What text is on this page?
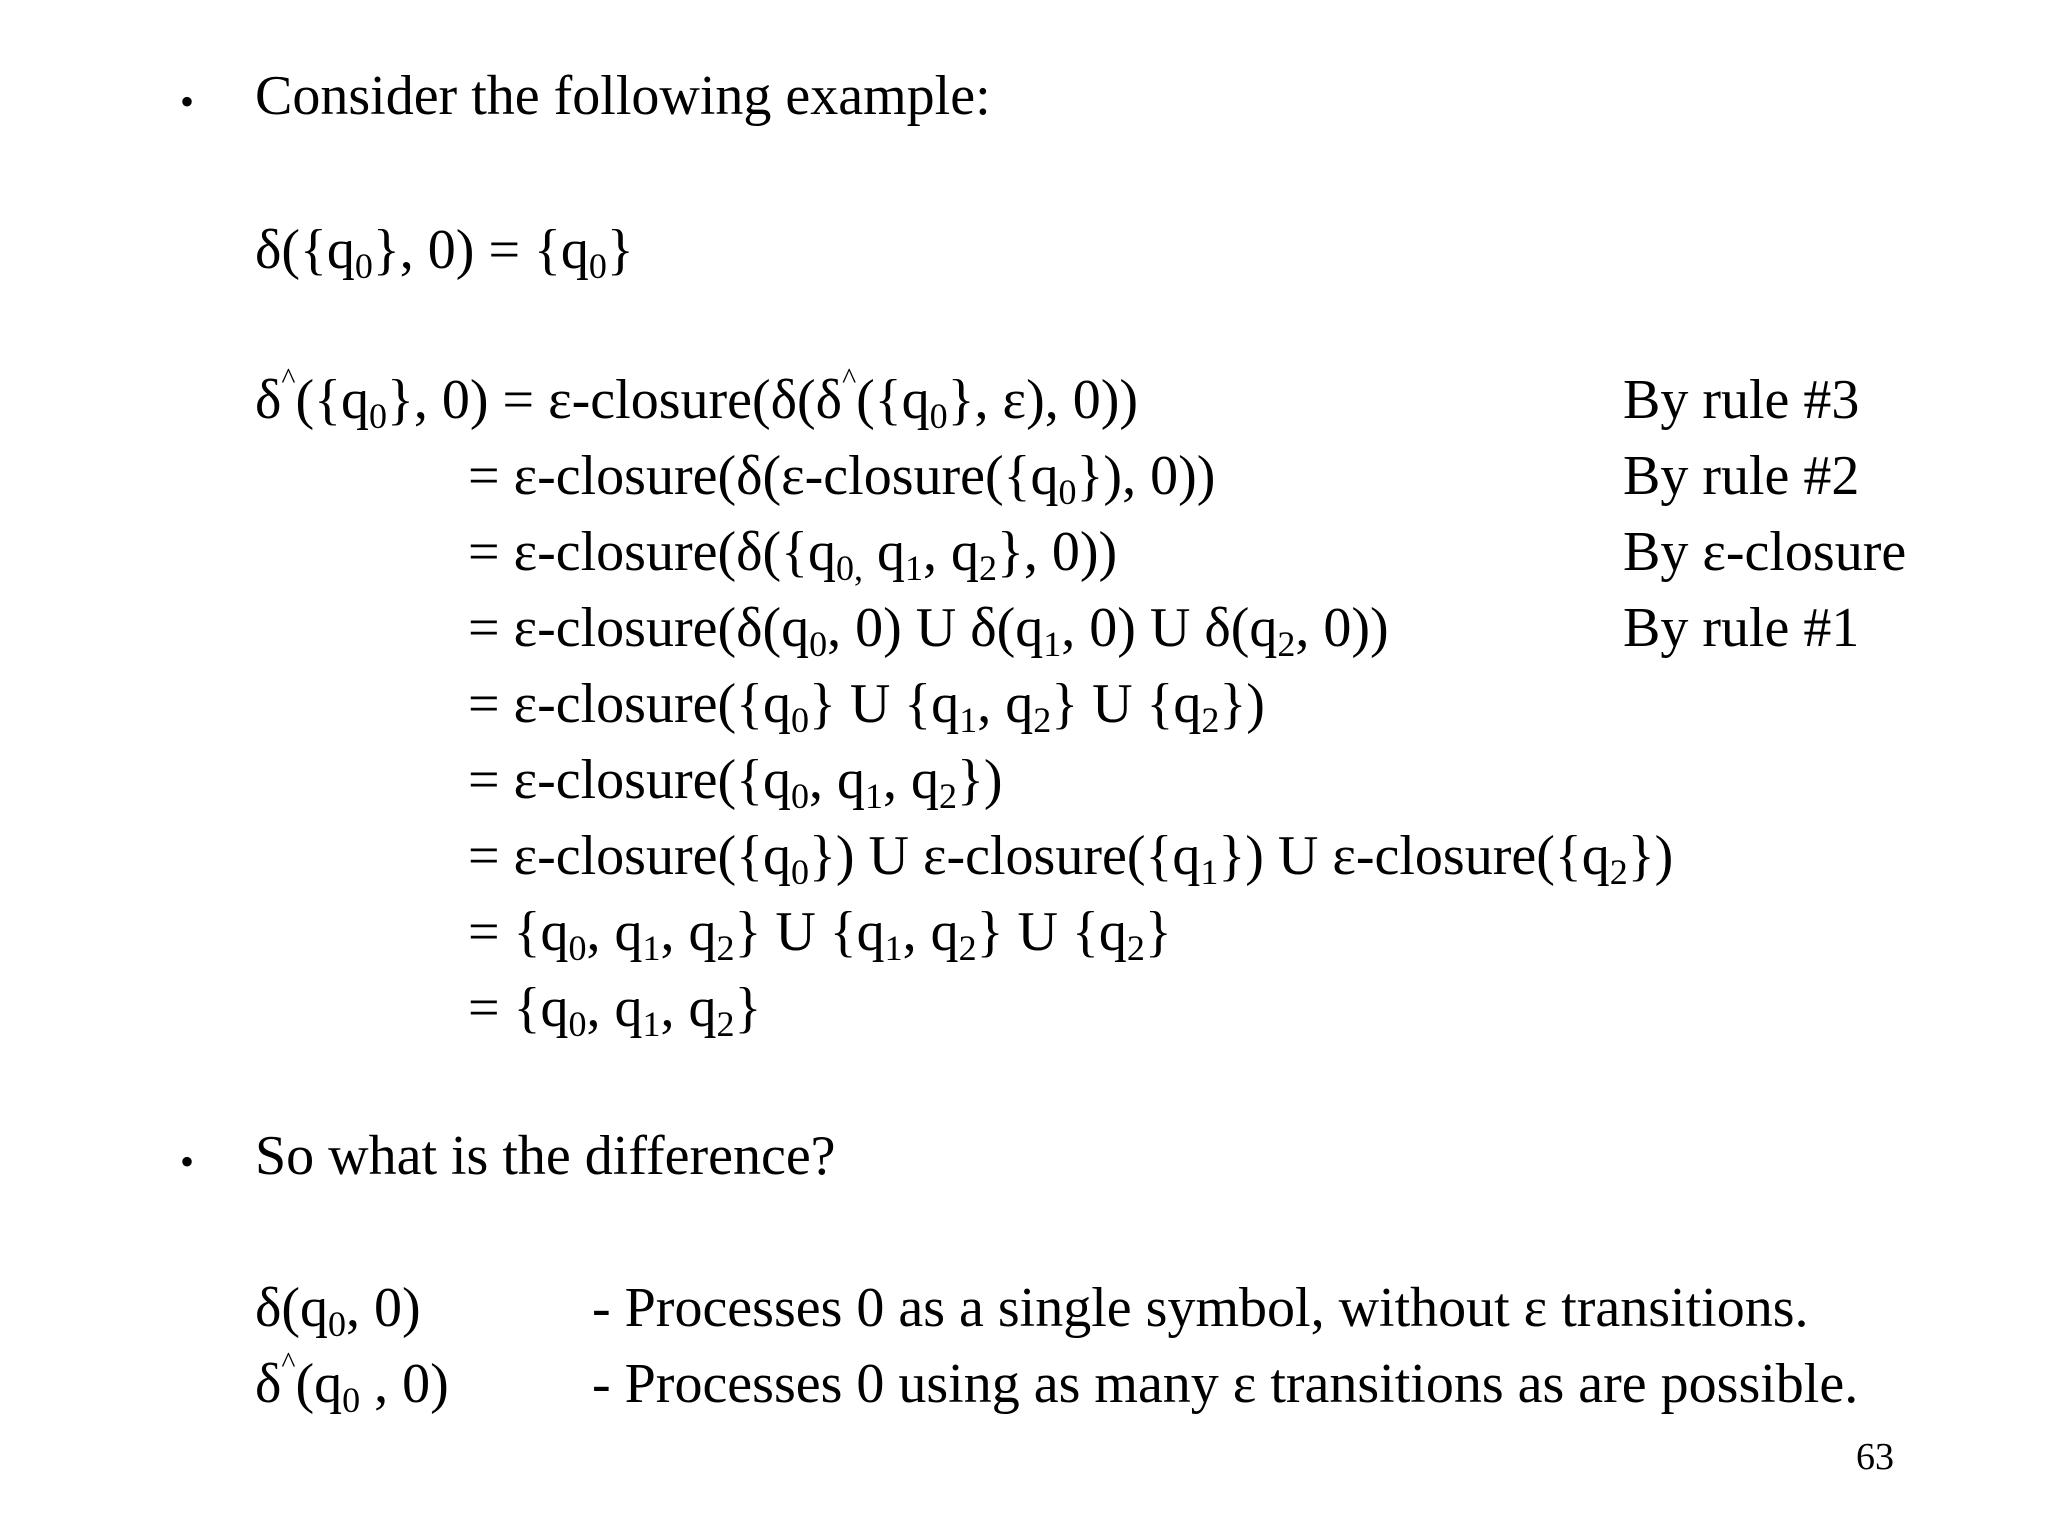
• Consider the following example:
$\delta(\{q_0\}$, $0) = \{q_0\}$
$\delta^{\^{}}(\{q_0\}$, $0) = \varepsilon-closure(\delta(\delta^{\^{}}(\{q_0\}$, ε), 0))	By rule #3
= $\varepsilon-closure(\delta(\varepsilon-closure(\{q_0\})$, 0))	By rule #2
= $\varepsilon-closure(\delta(\{q_{0,}$ $q_1$, $q_2$}, 0))	By ε-closure
= $\varepsilon-closure(\delta(q_0$, 0) U $\delta(q_1$, 0) U $\delta(q_2$, 0))	By rule #1
= $\varepsilon-closure(\{q_0\}$ U {$q_1$, $q_2$} U $\{q_2\}$)
= $\varepsilon-closure(\{q_0$, $q_1$, $q_2$})
= $\varepsilon-closure(\{q_0\})$ U $\varepsilon-closure(\{q_1\})$ U $\varepsilon-closure(\{q_2\})$
= {$q_0$, $q_1$, $q_2$} U {$q_1$, $q_2$} U $\{q_2\}$
= {$q_0$, $q_1$, $q_2$}
• So what is the difference?
$\delta(q_0$, 0)	- Processes 0 as a single symbol, without ε transitions.
$\delta^{\^{}}(q_0$ , 0)	- Processes 0 using as many ε transitions as are possible.
63
